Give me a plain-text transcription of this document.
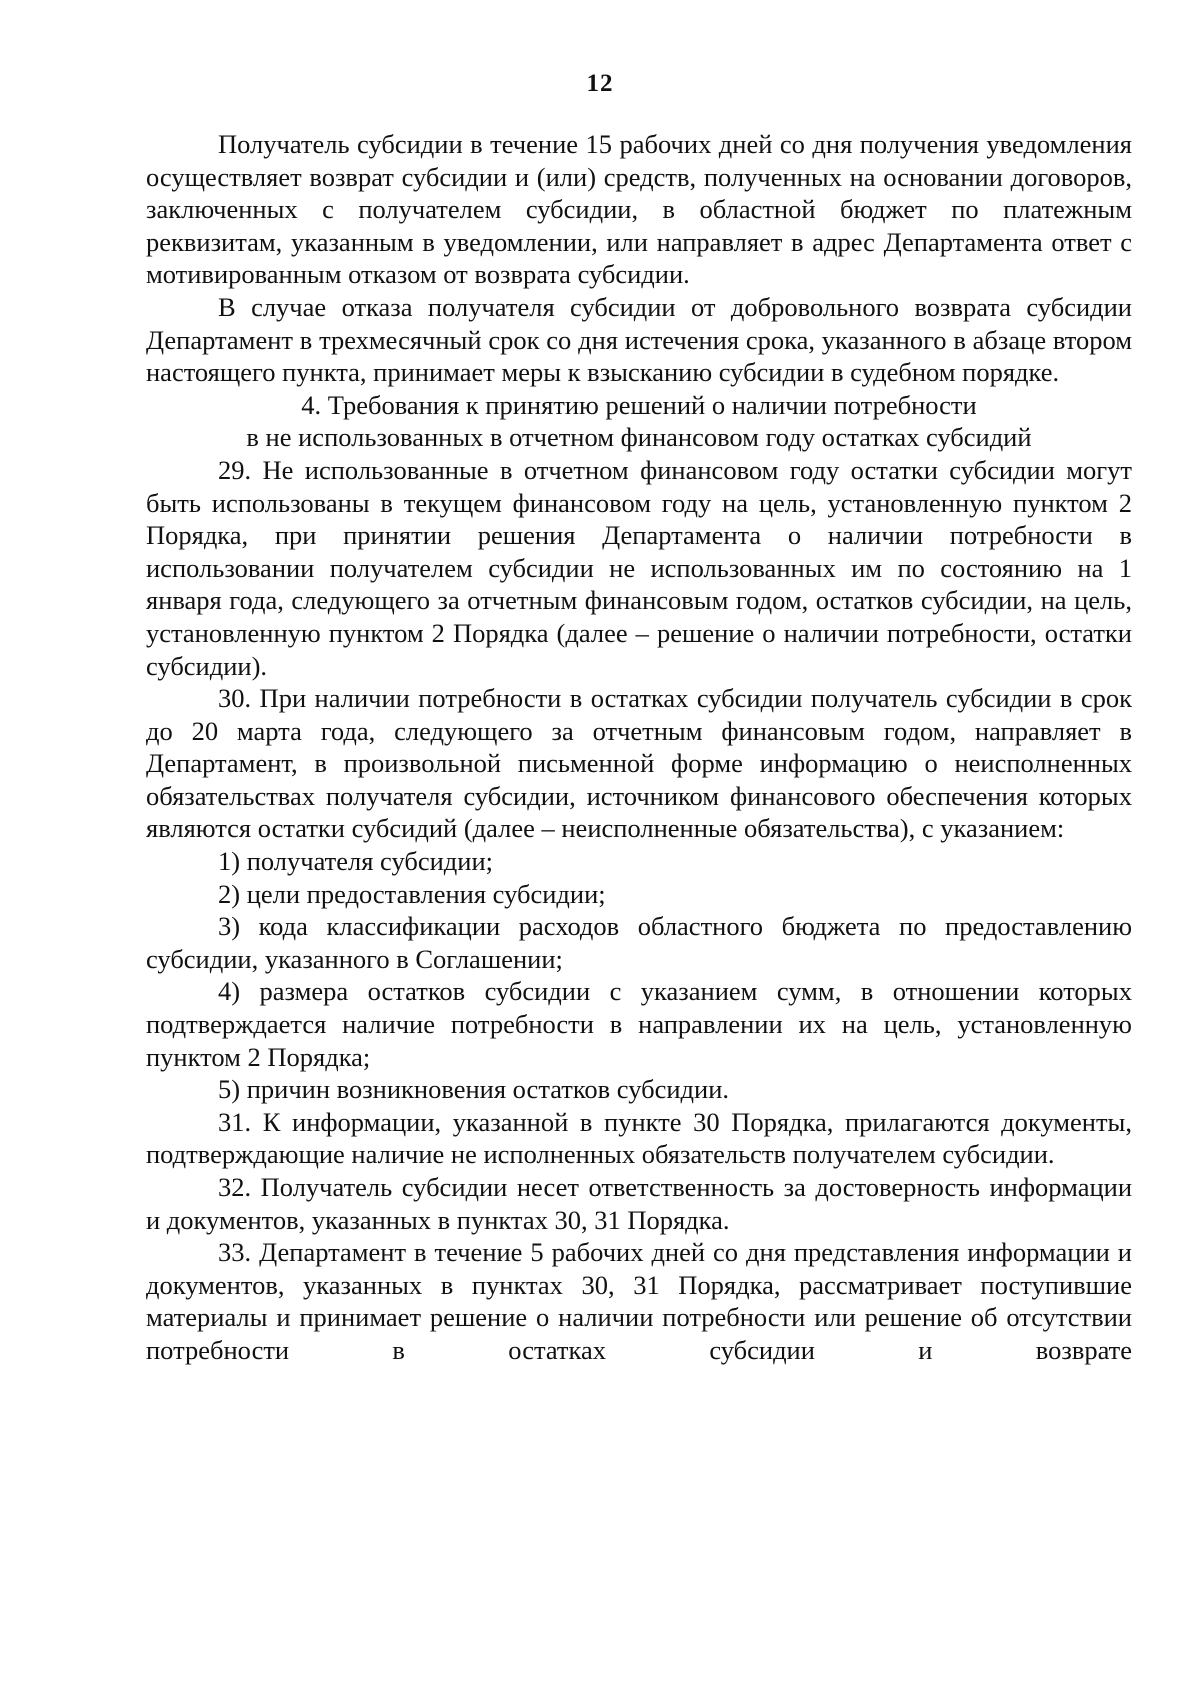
12

Получатель субсидии в течение 15 рабочих дней со дня получения уведомления осуществляет возврат субсидии и (или) средств, полученных на основании договоров, заключенных с получателем субсидии, в областной бюджет по платежным реквизитам, указанным в уведомлении, или направляет в адрес Департамента ответ с мотивированным отказом от возврата субсидии.

В случае отказа получателя субсидии от добровольного возврата субсидии Департамент в трехмесячный срок со дня истечения срока, указанного в абзаце втором настоящего пункта, принимает меры к взысканию субсидии в судебном порядке.

4. Требования к принятию решений о наличии потребности
в не использованных в отчетном финансовом году остатках субсидий

29. Не использованные в отчетном финансовом году остатки субсидии могут быть использованы в текущем финансовом году на цель, установленную пунктом 2 Порядка, при принятии решения Департамента о наличии потребности в использовании получателем субсидии не использованных им по состоянию на 1 января года, следующего за отчетным финансовым годом, остатков субсидии, на цель, установленную пунктом 2 Порядка (далее – решение о наличии потребности, остатки субсидии).

30. При наличии потребности в остатках субсидии получатель субсидии в срок до 20 марта года, следующего за отчетным финансовым годом, направляет в Департамент, в произвольной письменной форме информацию о неисполненных обязательствах получателя субсидии, источником финансового обеспечения которых являются остатки субсидий (далее – неисполненные обязательства), с указанием:

1) получателя субсидии;

2) цели предоставления субсидии;

3) кода классификации расходов областного бюджета по предоставлению субсидии, указанного в Соглашении;

4) размера остатков субсидии с указанием сумм, в отношении которых подтверждается наличие потребности в направлении их на цель, установленную пунктом 2 Порядка;

5) причин возникновения остатков субсидии.

31. К информации, указанной в пункте 30 Порядка, прилагаются документы, подтверждающие наличие не исполненных обязательств получателем субсидии.

32. Получатель субсидии несет ответственность за достоверность информации и документов, указанных в пунктах 30, 31 Порядка.

33. Департамент в течение 5 рабочих дней со дня представления информации и документов, указанных в пунктах 30, 31 Порядка, рассматривает поступившие материалы и принимает решение о наличии потребности или решение об отсутствии потребности в остатках субсидии и возврате
